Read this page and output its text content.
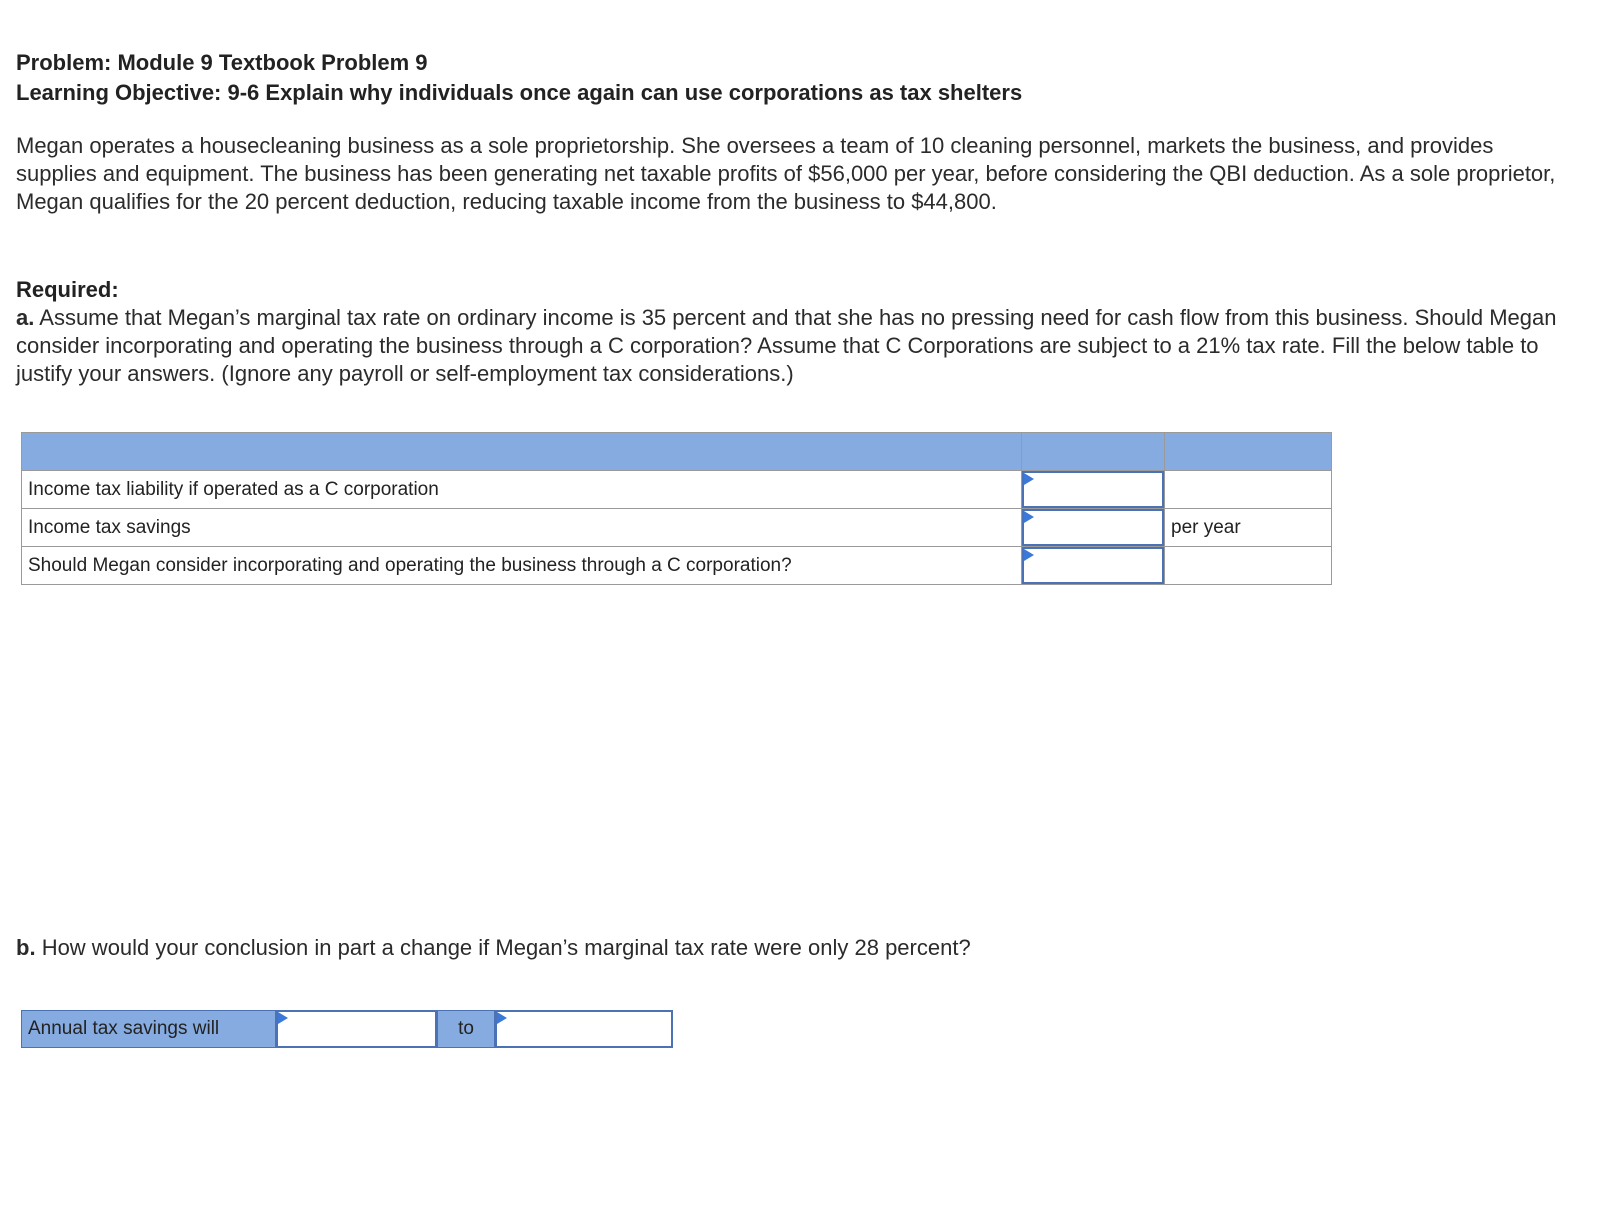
Problem: Module 9 Textbook Problem 9
Learning Objective: 9-6 Explain why individuals once again can use corporations as tax shelters
Megan operates a housecleaning business as a sole proprietorship. She oversees a team of 10 cleaning personnel, markets the business, and provides supplies and equipment. The business has been generating net taxable profits of $56,000 per year, before considering the QBI deduction. As a sole proprietor, Megan qualifies for the 20 percent deduction, reducing taxable income from the business to $44,800.
Required:
a. Assume that Megan’s marginal tax rate on ordinary income is 35 percent and that she has no pressing need for cash flow from this business. Should Megan consider incorporating and operating the business through a C corporation? Assume that C Corporations are subject to a 21% tax rate. Fill the below table to justify your answers. (Ignore any payroll or self-employment tax considerations.)

Income tax liability if operated as a C corporation	

Income tax savings		per year
Should Megan consider incorporating and operating the business through a C corporation?	

b. How would your conclusion in part a change if Megan’s marginal tax rate were only 28 percent?
Annual tax savings will	to
